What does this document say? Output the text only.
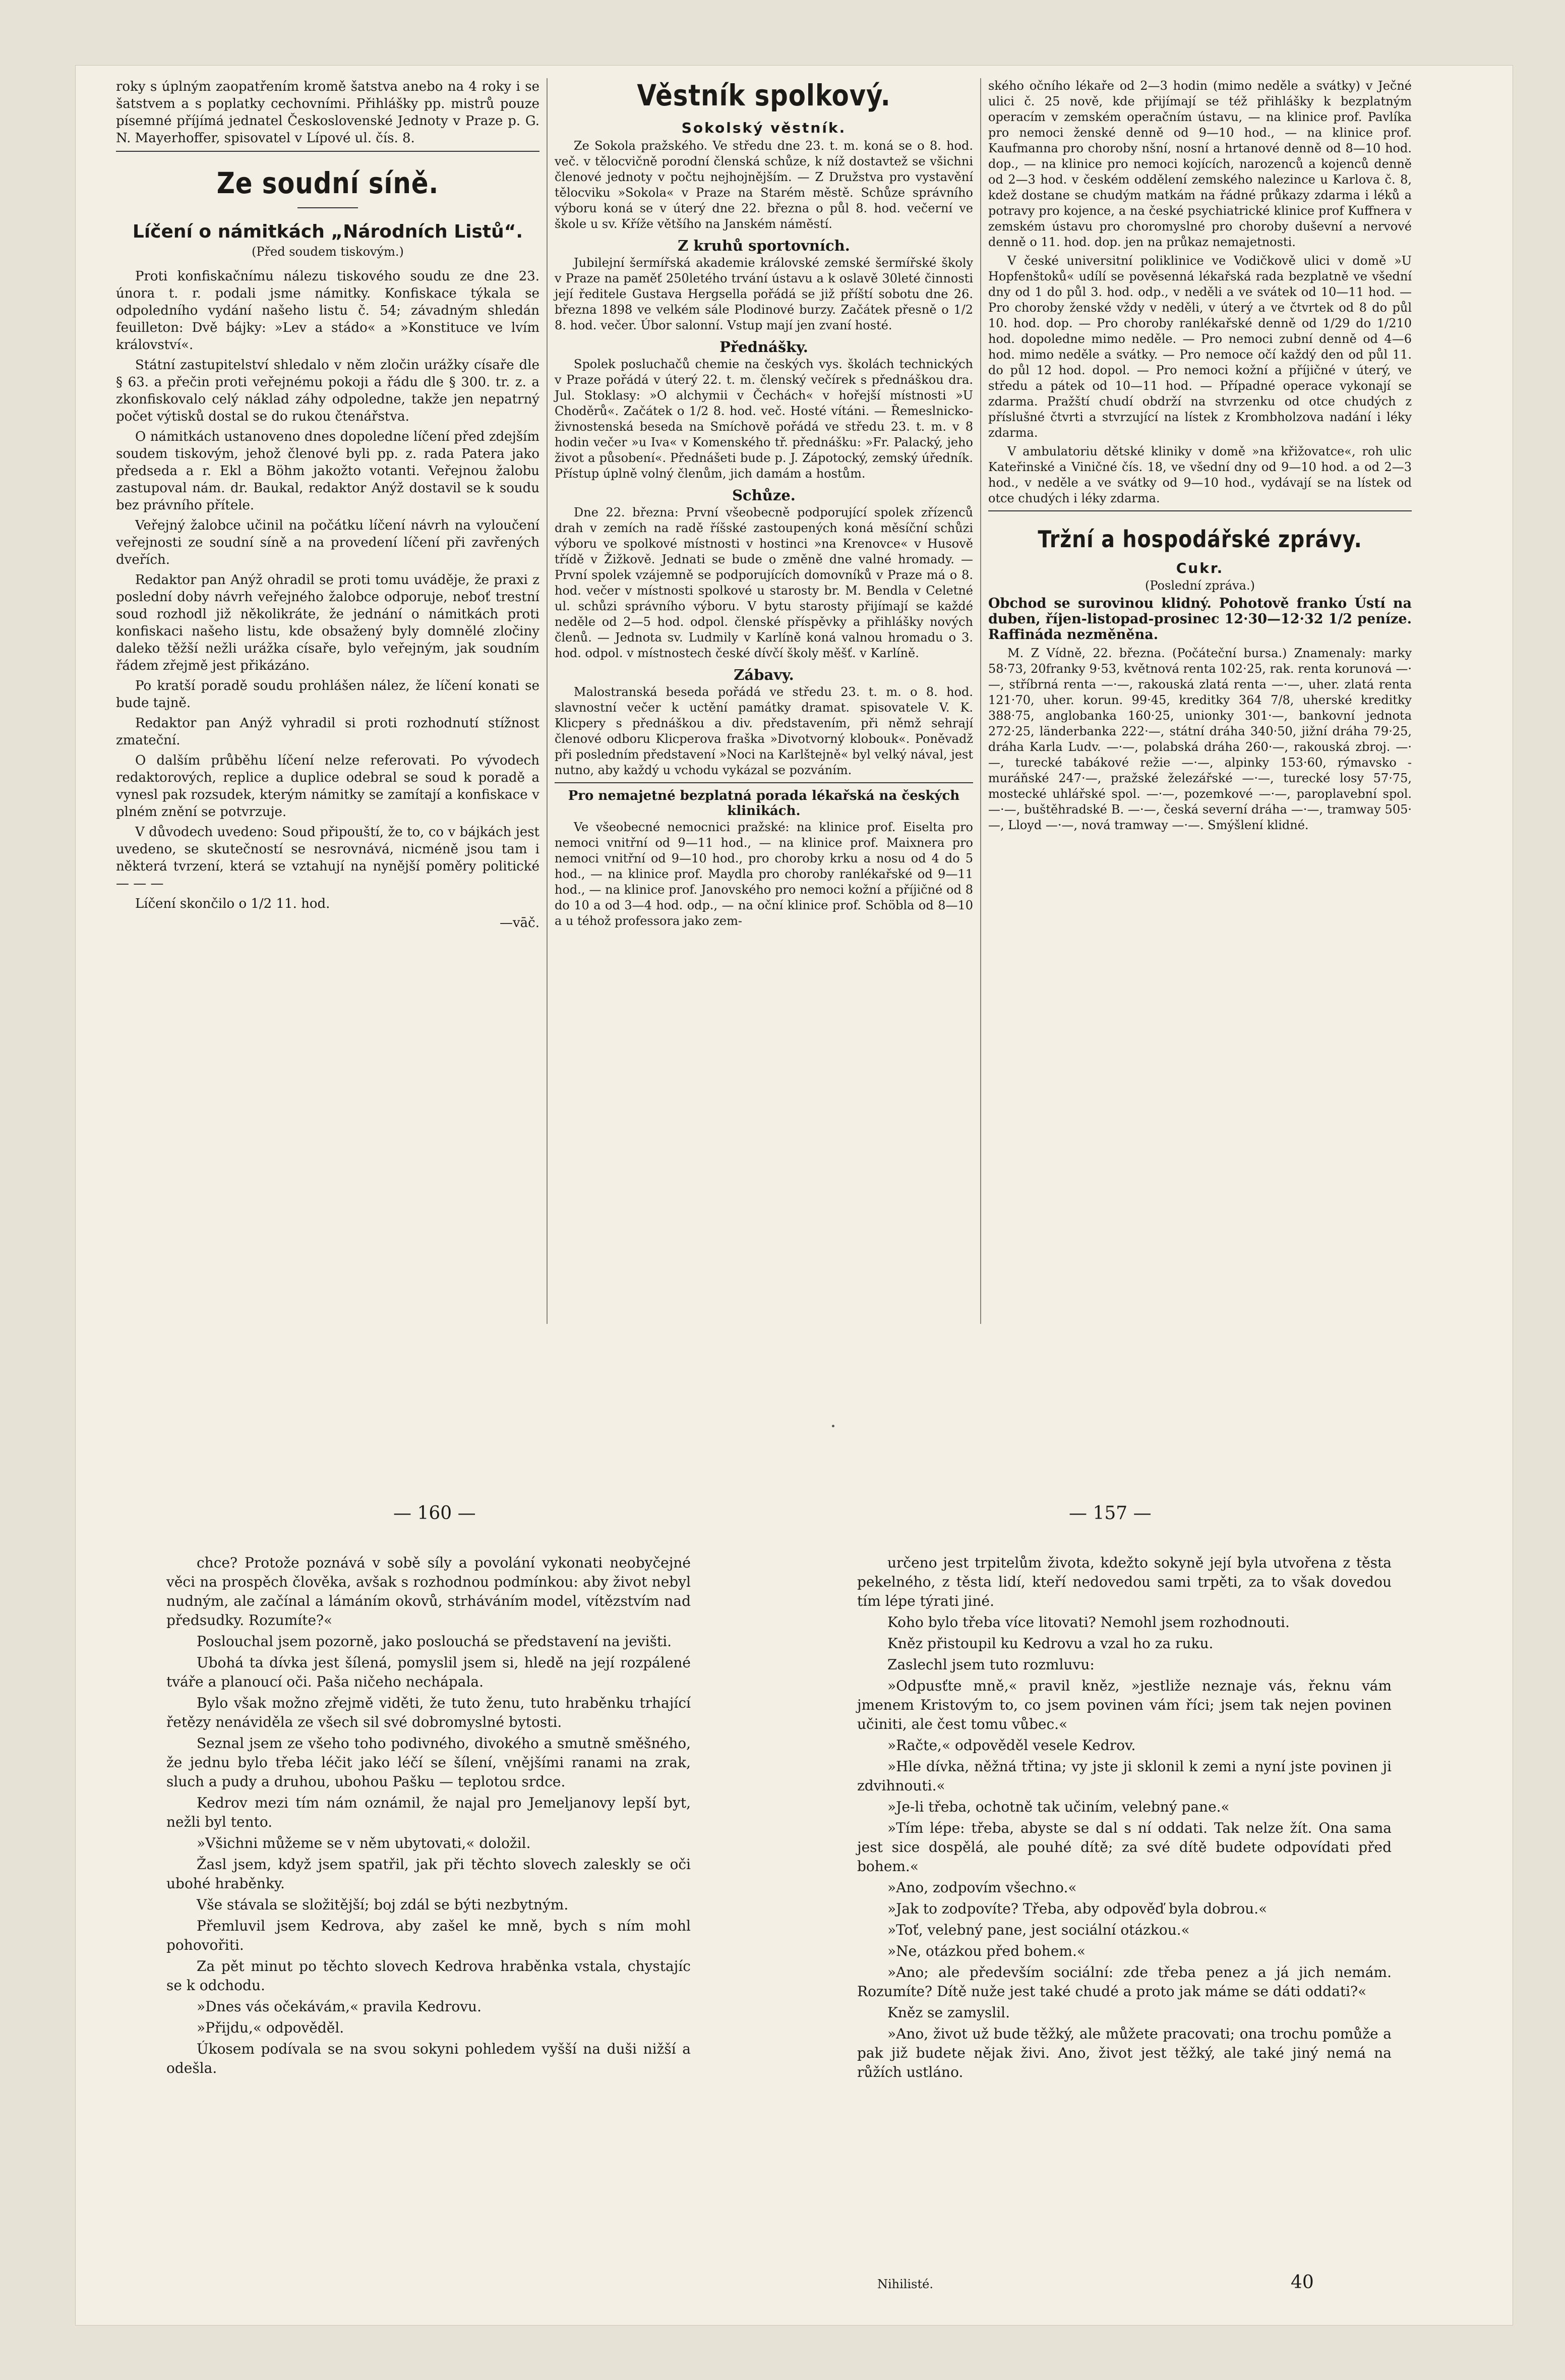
roky s úplným zaopatřením kromě šatstva anebo na 4 roky i se šatstvem a s poplatky cechovními. Přihlášky pp. mistrů pouze písemné příjímá jednatel Československé Jednoty v Praze p. G. N. Mayerhoffer, spisovatel v Lípové ul. čís. 8.

Ze soudní síně.
Líčení o námitkách „Národních Listů“.
(Před soudem tiskovým.)

Proti konfiskačnímu nálezu tiskového soudu ze dne 23. února t. r. podali jsme námitky. Konfiskace týkala se odpoledního vydání našeho listu č. 54; závadným shledán feuilleton: Dvě bájky: »Lev a stádo« a »Konstituce ve lvím království«.

Státní zastupitelství shledalo v něm zločin urážky císaře dle § 63. a přečin proti veřejnému pokoji a řádu dle § 300. tr. z. a zkonfiskovalo celý náklad záhy odpoledne, takže jen nepatrný počet výtisků dostal se do rukou čtenářstva.

O námitkách ustanoveno dnes dopoledne líčení před zdejším soudem tiskovým, jehož členové byli pp. z. rada Patera jako předseda a r. Ekl a Böhm jakožto votanti. Veřejnou žalobu zastupoval nám. dr. Baukal, redaktor Anýž dostavil se k soudu bez právního přítele.

Veřejný žalobce učinil na počátku líčení návrh na vyloučení veřejnosti ze soudní síně a na provedení líčení při zavřených dveřích.

Redaktor pan Anýž ohradil se proti tomu uváděje, že praxi z poslední doby návrh veřejného žalobce odporuje, neboť trestní soud rozhodl již několikráte, že jednání o námitkách proti konfiskaci našeho listu, kde obsažený byly domnělé zločiny daleko těžší nežli urážka císaře, bylo veřejným, jak soudním řádem zřejmě jest přikázáno.

Po kratší poradě soudu prohlášen nález, že líčení konati se bude tajně.

Redaktor pan Anýž vyhradil si proti rozhodnutí stížnost zmateční.

O dalším průběhu líčení nelze referovati. Po vývodech redaktorových, replice a duplice odebral se soud k poradě a vynesl pak rozsudek, kterým námitky se zamítají a konfiskace v plném znění se potvrzuje.

V důvodech uvedeno: Soud připouští, že to, co v bájkách jest uvedeno, se skutečností se nesrovnává, nicméně jsou tam i některá tvrzení, která se vztahují na nynější poměry politické — — —

Líčení skončilo o 1/2 11. hod.

—vāč.
Věstník spolkový.
Sokolský věstník.

Ze Sokola pražského. Ve středu dne 23. t. m. koná se o 8. hod. več. v tělocvičně porodní členská schůze, k níž dostavtež se všichni členové jednoty v počtu nejhojnějším. — Z Družstva pro vystavění tělocviku »Sokola« v Praze na Starém městě. Schůze správního výboru koná se v úterý dne 22. března o půl 8. hod. večerní ve škole u sv. Kříže většího na Janském náměstí.

Z kruhů sportovních.

Jubilejní šermířská akademie královské zemské šermířské školy v Praze na paměť 250letého trvání ústavu a k oslavě 30leté činnosti její ředitele Gustava Hergsella pořádá se již příští sobotu dne 26. března 1898 ve velkém sále Plodinové burzy. Začátek přesně o 1/2 8. hod. večer. Úbor salonní. Vstup mají jen zvaní hosté.

Přednášky.

Spolek posluchačů chemie na českých vys. školách technických v Praze pořádá v úterý 22. t. m. členský večírek s přednáškou dra. Jul. Stoklasy: »O alchymii v Čechách« v hořejší místnosti »U Choděrů«. Začátek o 1/2 8. hod. več. Hosté vítáni. — Řemeslnicko-živnostenská beseda na Smíchově pořádá ve středu 23. t. m. v 8 hodin večer »u Iva« v Komenského tř. přednášku: »Fr. Palacký, jeho život a působení«. Přednášeti bude p. J. Zápotocký, zemský úředník. Přístup úplně volný členům, jich damám a hostům.

Schůze.

Dne 22. března: První všeobecně podporující spolek zřízenců drah v zemích na radě říšské zastoupených koná měsíční schůzi výboru ve spolkové místnosti v hostinci »na Krenovce« v Husově třídě v Žižkově. Jednati se bude o změně dne valné hromady. — První spolek vzájemně se podporujících domovníků v Praze má o 8. hod. večer v místnosti spolkové u starosty br. M. Bendla v Celetné ul. schůzi správního výboru. V bytu starosty přijímají se každé neděle od 2—5 hod. odpol. členské příspěvky a přihlášky nových členů. — Jednota sv. Ludmily v Karlíně koná valnou hromadu o 3. hod. odpol. v místnostech české dívčí školy měšť. v Karlíně.

Zábavy.

Malostranská beseda pořádá ve středu 23. t. m. o 8. hod. slavnostní večer k uctění památky dramat. spisovatele V. K. Klicpery s přednáškou a div. představením, při němž sehrají členové odboru Klicperova fraška »Divotvorný klobouk«. Poněvadž při posledním představení »Noci na Karlštejně« byl velký nával, jest nutno, aby každý u vchodu vykázal se pozváním.

Pro nemajetné bezplatná porada lékařská na českých klinikách.

Ve všeobecné nemocnici pražské: na klinice prof. Eiselta pro nemoci vnitřní od 9—11 hod., — na klinice prof. Maixnera pro nemoci vnitřní od 9—10 hod., pro choroby krku a nosu od 4 do 5 hod., — na klinice prof. Maydla pro choroby ranlékařské od 9—11 hod., — na klinice prof. Janovského pro nemoci kožní a příjičné od 8 do 10 a od 3—4 hod. odp., — na oční klinice prof. Schöbla od 8—10 a u téhož professora jako zem-

ského očního lékaře od 2—3 hodin (mimo neděle a svátky) v Ječné ulici č. 25 nově, kde přijímají se též přihlášky k bezplatným operacím v zemském operačním ústavu, — na klinice prof. Pavlíka pro nemoci ženské denně od 9—10 hod., — na klinice prof. Kaufmanna pro choroby nšní, nosní a hrtanové denně od 8—10 hod. dop., — na klinice pro nemoci kojících, narozenců a kojenců denně od 2—3 hod. v českém oddělení zemského nalezince u Karlova č. 8, kdež dostane se chudým matkám na řádné průkazy zdarma i léků a potravy pro kojence, a na české psychiatrické klinice prof Kuffnera v zemském ústavu pro choromyslné pro choroby duševní a nervové denně o 11. hod. dop. jen na průkaz nemajetnosti.

V české universitní poliklinice ve Vodičkově ulici v domě »U Hopfenštoků« udílí se pověsenná lékařská rada bezplatně ve všední dny od 1 do půl 3. hod. odp., v neděli a ve svátek od 10—11 hod. — Pro choroby ženské vždy v neděli, v úterý a ve čtvrtek od 8 do půl 10. hod. dop. — Pro choroby ranlékařské denně od 1/29 do 1/210 hod. dopoledne mimo neděle. — Pro nemoci zubní denně od 4—6 hod. mimo neděle a svátky. — Pro nemoce očí každý den od půl 11. do půl 12 hod. dopol. — Pro nemoci kožní a příjičné v úterý, ve středu a pátek od 10—11 hod. — Případné operace vykonají se zdarma. Pražští chudí obdrží na stvrzenku od otce chudých z příslušné čtvrti a stvrzující na lístek z Krombholzova nadání i léky zdarma.

V ambulatoriu dětské kliniky v domě »na křižovatce«, roh ulic Kateřinské a Viničné čís. 18, ve všední dny od 9—10 hod. a od 2—3 hod., v neděle a ve svátky od 9—10 hod., vydávají se na lístek od otce chudých i léky zdarma.

Tržní a hospodářské zprávy.
Cukr.
(Poslední zpráva.)

Obchod se surovinou klidný. Pohotově franko Ústí na duben, říjen-listopad-prosinec 12·30—12·32 1/2 peníze. Raffináda nezměněna.

M. Z Vídně, 22. března. (Počáteční bursa.) Znamenaly: marky 58·73, 20franky 9·53, květnová renta 102·25, rak. renta korunová —·—, stříbrná renta —·—, rakouská zlatá renta —·—, uher. zlatá renta 121·70, uher. korun. 99·45, kreditky 364 7/8, uherské kreditky 388·75, anglobanka 160·25, unionky 301·—, bankovní jednota 272·25, länderbanka 222·—, státní dráha 340·50, jižní dráha 79·25, dráha Karla Ludv. —·—, polabská dráha 260·—, rakouská zbroj. —·—, turecké tabákové režie —·—, alpinky 153·60, rýmavsko - muráňské 247·—, pražské železářské —·—, turecké losy 57·75, mostecké uhlářské spol. —·—, pozemkové —·—, paroplavební spol. —·—, buštěhradské B. —·—, česká severní dráha —·—, tramway 505·—, Lloyd —·—, nová tramway —·—. Smýšlení klidné.

— 160 —	— 157 —

chce? Protože poznává v sobě síly a povolání vykonati neobyčejné věci na prospěch člověka, avšak s rozhodnou podmínkou: aby život nebyl nudným, ale začínal a lámáním okovů, strháváním model, vítězstvím nad předsudky. Rozumíte?«

Poslouchal jsem pozorně, jako poslouchá se představení na jevišti.

Ubohá ta dívka jest šílená, pomyslil jsem si, hledě na její rozpálené tváře a planoucí oči. Paša ničeho nechápala.

Bylo však možno zřejmě viděti, že tuto ženu, tuto hraběnku trhající řetězy nenáviděla ze všech sil své dobromyslné bytosti.

Seznal jsem ze všeho toho podivného, divokého a smutně směšného, že jednu bylo třeba léčit jako léčí se šílení, vnějšími ranami na zrak, sluch a pudy a druhou, ubohou Pašku — teplotou srdce.

Kedrov mezi tím nám oznámil, že najal pro Jemeljanovy lepší byt, nežli byl tento.

»Všichni můžeme se v něm ubytovati,« doložil.

Žasl jsem, když jsem spatřil, jak při těchto slovech zaleskly se oči ubohé hraběnky.

Vše stávala se složitější; boj zdál se býti nezbytným.

Přemluvil jsem Kedrova, aby zašel ke mně, bych s ním mohl pohovořiti.

Za pět minut po těchto slovech Kedrova hraběnka vstala, chystajíc se k odchodu.

»Dnes vás očekávám,« pravila Kedrovu.

»Přijdu,« odpověděl.

Úkosem podívala se na svou sokyni pohledem vyšší na duši nižší a odešla.

určeno jest trpitelům života, kdežto sokyně její byla utvořena z těsta pekelného, z těsta lidí, kteří nedovedou sami trpěti, za to však dovedou tím lépe týrati jiné.

Koho bylo třeba více litovati? Nemohl jsem rozhodnouti.

Kněz přistoupil ku Kedrovu a vzal ho za ruku.

Zaslechl jsem tuto rozmluvu:

»Odpusťte mně,« pravil kněz, »jestliže neznaje vás, řeknu vám jmenem Kristovým to, co jsem povinen vám říci; jsem tak nejen povinen učiniti, ale čest tomu vůbec.«

»Račte,« odpověděl vesele Kedrov.

»Hle dívka, něžná třtina; vy jste ji sklonil k zemi a nyní jste povinen ji zdvihnouti.«

»Je-li třeba, ochotně tak učiním, velebný pane.«

»Tím lépe: třeba, abyste se dal s ní oddati. Tak nelze žít. Ona sama jest sice dospělá, ale pouhé dítě; za své dítě budete odpovídati před bohem.«

»Ano, zodpovím všechno.«

»Jak to zodpovíte? Třeba, aby odpověď byla dobrou.«

»Toť, velebný pane, jest sociální otázkou.«

»Ne, otázkou před bohem.«

»Ano; ale především sociální: zde třeba penez a já jich nemám. Rozumíte? Dítě nuže jest také chudé a proto jak máme se dáti oddati?«

Kněz se zamyslil.

»Ano, život už bude těžký, ale můžete pracovati; ona trochu pomůže a pak již budete nějak živi. Ano, život jest těžký, ale také jiný nemá na růžích ustláno.

Nihilisté.	40
